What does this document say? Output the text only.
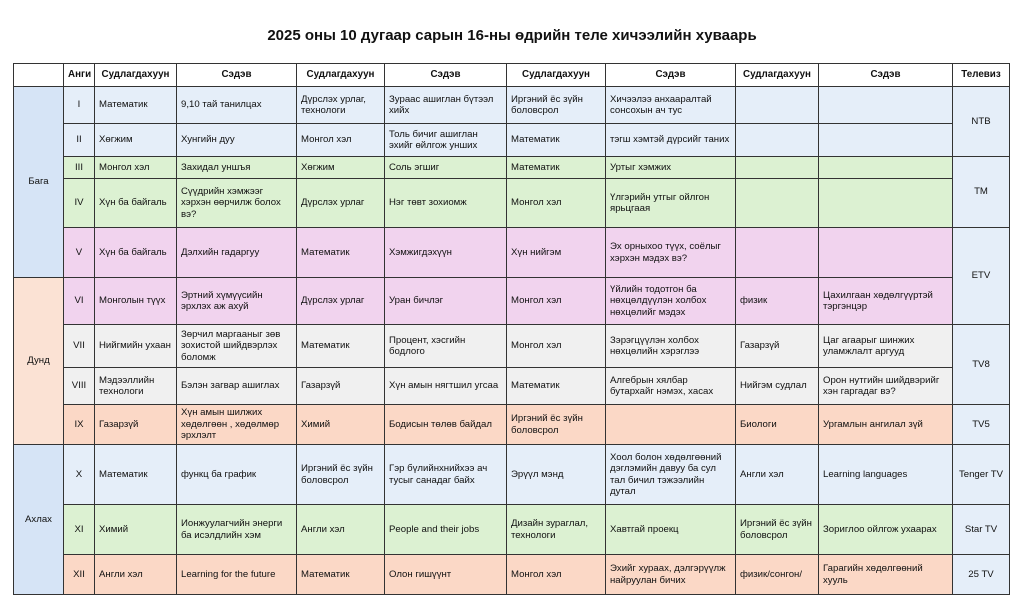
2025 оны 10 дугаар сарын 16-ны өдрийн теле хичээлийн хуваарь
	Анги	Судлагдахуун	Сэдэв	Судлагдахуун	Сэдэв	Судлагдахуун	Сэдэв	Судлагдахуун	Сэдэв	Телевиз
Бага	I	Математик	9,10 тай танилцах	Дүрслэх урлаг, технологи	Зураас ашиглан бүтээл хийх	Иргэний ёс зүйн боловсрол	Хичээлээ анхааралтай сонсохын ач тус			NTB
	II	Хөгжим	Хунгийн дуу	Монгол хэл	Толь бичиг ашиглан эхийг өйлгож унших	Математик	тэгш хэмтэй дүрсийг таних			
	III	Монгол хэл	Захидал уншъя	Хөгжим	Соль эгшиг	Математик	Уртыг хэмжих			TM
	IV	Хүн ба байгаль	Сүүдрийн хэмжээг хэрхэн өөрчилж болох вэ?	Дүрслэх урлаг	Нэг төвт зохиомж	Монгол хэл	Үлгэрийн утгыг ойлгон ярьцгаая			
	V	Хүн ба байгаль	Дэлхийн гадаргуу	Математик	Хэмжигдэхүүн	Хүн нийгэм	Эх орныхоо түүх, соёлыг хэрхэн мэдэх вэ?			ETV
Дунд	VI	Монголын түүх	Эртний хүмүүсийн эрхлэх аж ахуй	Дүрслэх урлаг	Уран бичлэг	Монгол хэл	Үйлийн тодотгон ба нөхцөлдүүлэн холбох нөхцөлийг мэдэх	физик	Цахилгаан хөдөлгүүртэй тэргэнцэр	
	VII	Нийгмийн ухаан	Зөрчил маргааныг зөв зохистой шийдвэрлэх боломж	Математик	Процент, хэсгийн бодлого	Монгол хэл	Зэрэгцүүлэн холбох нөхцөлийн хэрэглээ	Газарзүй	Цаг агаарыг шинжих уламжлалт аргууд	TV8
	VIII	Мэдээллийн технологи	Бэлэн загвар ашиглах	Газарзүй	Хүн амын нягтшил угсаа	Математик	Алгебрын хялбар бутархайг нэмэх, хасах	Нийгэм судлал	Орон нутгийн шийдвэрийг хэн гаргадаг вэ?	
	IX	Газарзүй	Хүн амын шилжих хөдөлгөөн , хөдөлмөр эрхлэлт	Химий	Бодисын төлөв байдал	Иргэний ёс зүйн боловсрол		Биологи	Ургамлын ангилал зүй	TV5
Ахлах	X	Математик	функц ба график	Иргэний ёс зүйн боловсрол	Гэр бүлийнхнийхээ ач тусыг санадаг байх	Эрүүл мэнд	Хоол болон хөдөлгөөний дэглэмийн давуу ба сул тал бичил тэжээлийн дутал	Англи хэл	Learning languages	Tenger TV
	XI	Химий	Ионжуулагчийн энерги ба исэлдлийн хэм	Англи хэл	People and their jobs	Дизайн зураглал, технологи	Хавтгай проекц	Иргэний ёс зүйн боловсрол	Зориглоо ойлгож ухаарах	Star TV
	XII	Англи хэл	Learning for the future	Математик	Олон гишүүнт	Монгол хэл	Эхийг хураах, дэлгэрүүлж найруулан бичих	физик/сонгон/	Гарагийн хөдөлгөөний хууль	25 TV
